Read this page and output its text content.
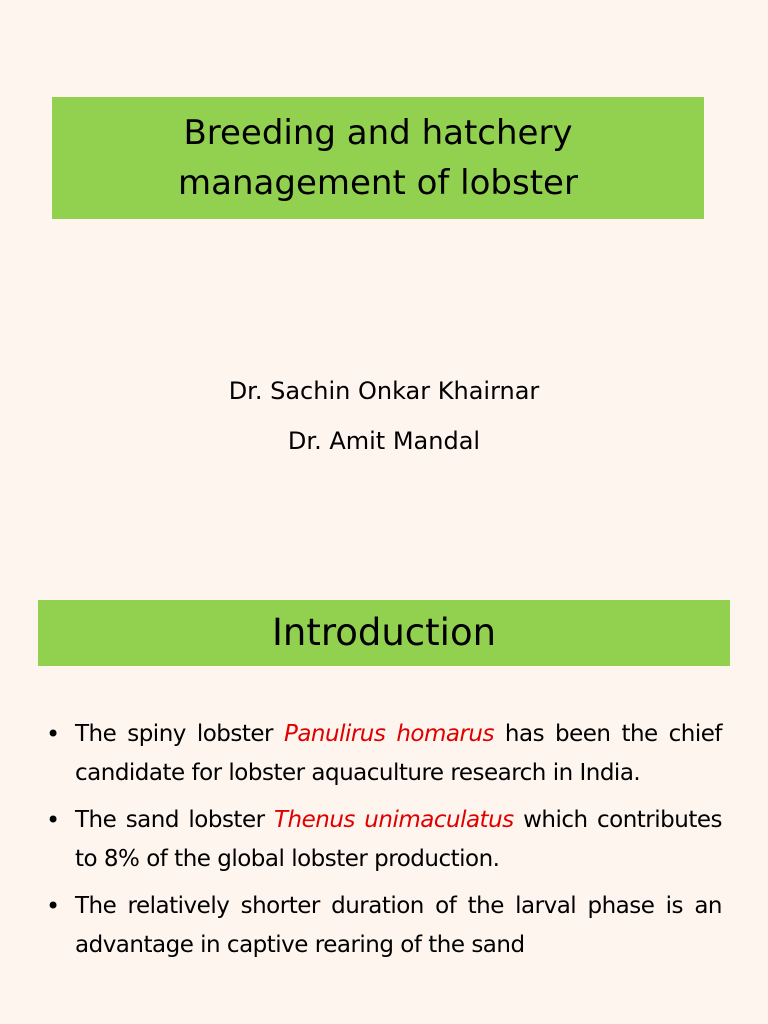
Breeding and hatchery
management of lobster
Dr. Sachin Onkar Khairnar
Dr. Amit Mandal
Introduction
• The spiny lobster Panulirus homarus has been the chief candidate for lobster aquaculture research in India.
• The sand lobster Thenus unimaculatus which contributes to 8% of the global lobster production.
• The relatively shorter duration of the larval phase is an advantage in captive rearing of the sand
